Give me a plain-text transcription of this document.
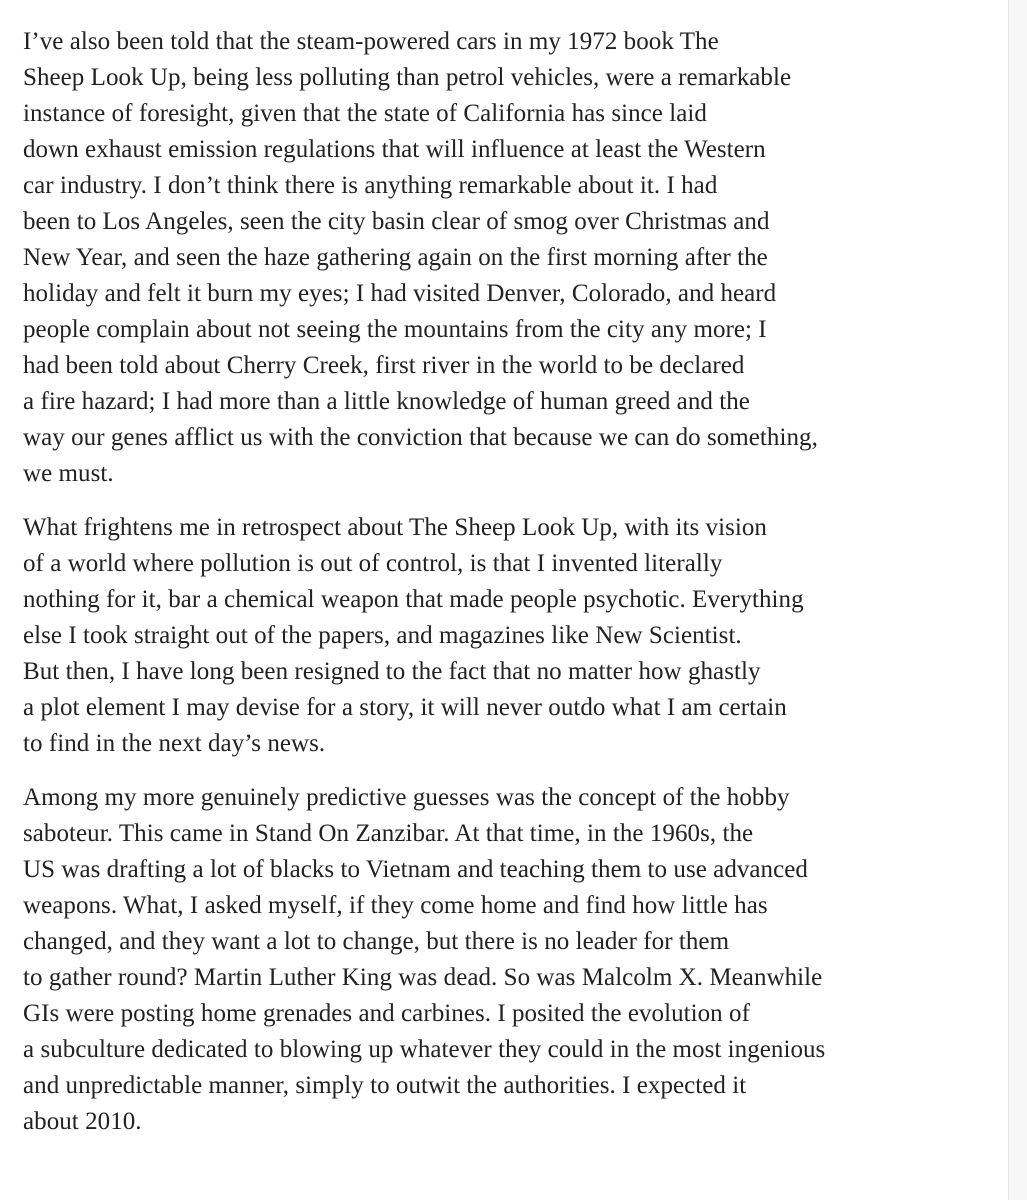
I’ve also been told that the steam-powered cars in my 1972 book The
Sheep Look Up, being less polluting than petrol vehicles, were a remarkable
instance of foresight, given that the state of California has since laid
down exhaust emission regulations that will influence at least the Western
car industry. I don’t think there is anything remarkable about it. I had
been to Los Angeles, seen the city basin clear of smog over Christmas and
New Year, and seen the haze gathering again on the first morning after the
holiday and felt it burn my eyes; I had visited Denver, Colorado, and heard
people complain about not seeing the mountains from the city any more; I
had been told about Cherry Creek, first river in the world to be declared
a fire hazard; I had more than a little knowledge of human greed and the
way our genes afflict us with the conviction that because we can do something,
we must.

What frightens me in retrospect about The Sheep Look Up, with its vision
of a world where pollution is out of control, is that I invented literally
nothing for it, bar a chemical weapon that made people psychotic. Everything
else I took straight out of the papers, and magazines like New Scientist.
But then, I have long been resigned to the fact that no matter how ghastly
a plot element I may devise for a story, it will never outdo what I am certain
to find in the next day’s news.

Among my more genuinely predictive guesses was the concept of the hobby
saboteur. This came in Stand On Zanzibar. At that time, in the 1960s, the
US was drafting a lot of blacks to Vietnam and teaching them to use advanced
weapons. What, I asked myself, if they come home and find how little has
changed, and they want a lot to change, but there is no leader for them
to gather round? Martin Luther King was dead. So was Malcolm X. Meanwhile
GIs were posting home grenades and carbines. I posited the evolution of
a subculture dedicated to blowing up whatever they could in the most ingenious
and unpredictable manner, simply to outwit the authorities. I expected it
about 2010.
